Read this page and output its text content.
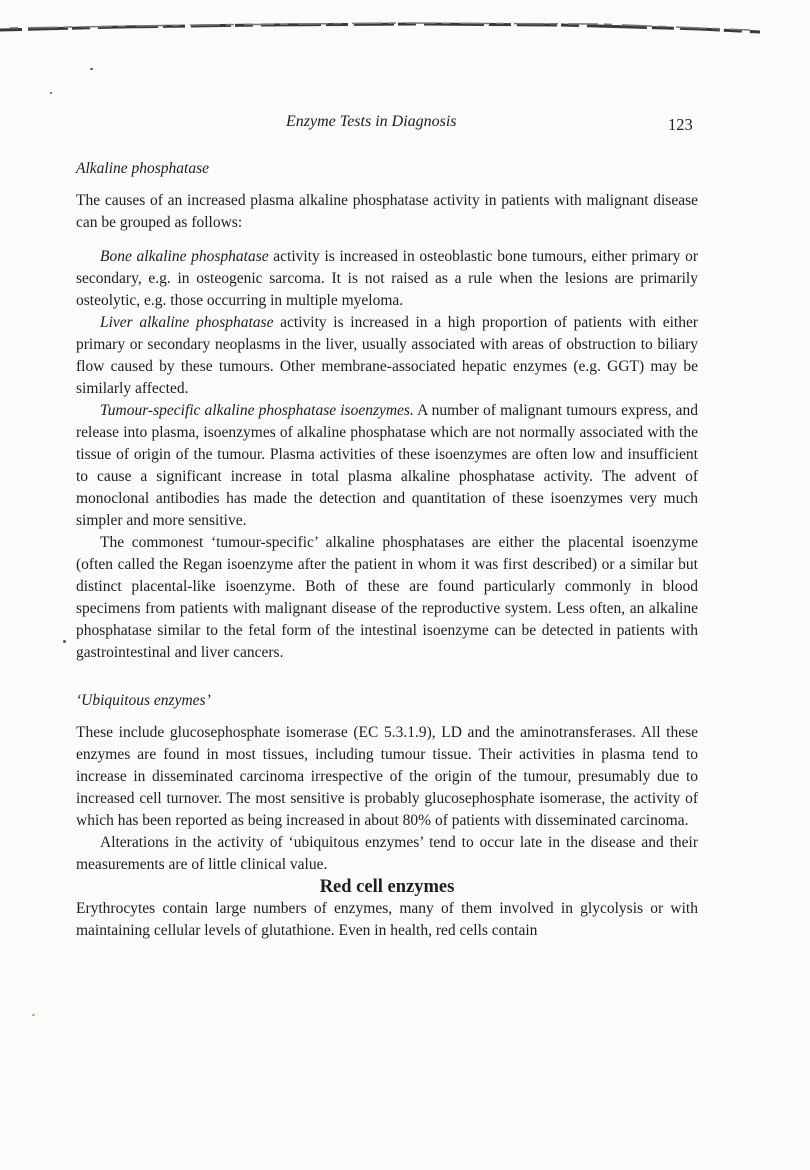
Enzyme Tests in Diagnosis	123

Alkaline phosphatase

The causes of an increased plasma alkaline phosphatase activity in patients with malignant disease can be grouped as follows:

Bone alkaline phosphatase activity is increased in osteoblastic bone tumours, either primary or secondary, e.g. in osteogenic sarcoma. It is not raised as a rule when the lesions are primarily osteolytic, e.g. those occurring in multiple myeloma.

Liver alkaline phosphatase activity is increased in a high proportion of patients with either primary or secondary neoplasms in the liver, usually associated with areas of obstruction to biliary flow caused by these tumours. Other membrane-associated hepatic enzymes (e.g. GGT) may be similarly affected.

Tumour-specific alkaline phosphatase isoenzymes. A number of malignant tumours express, and release into plasma, isoenzymes of alkaline phosphatase which are not normally associated with the tissue of origin of the tumour. Plasma activities of these isoenzymes are often low and insufficient to cause a significant increase in total plasma alkaline phosphatase activity. The advent of monoclonal antibodies has made the detection and quantitation of these isoenzymes very much simpler and more sensitive.

The commonest ‘tumour-specific’ alkaline phosphatases are either the placental isoenzyme (often called the Regan isoenzyme after the patient in whom it was first described) or a similar but distinct placental-like isoenzyme. Both of these are found particularly commonly in blood specimens from patients with malignant disease of the reproductive system. Less often, an alkaline phosphatase similar to the fetal form of the intestinal isoenzyme can be detected in patients with gastrointestinal and liver cancers.

‘Ubiquitous enzymes’

These include glucosephosphate isomerase (EC 5.3.1.9), LD and the aminotransferases. All these enzymes are found in most tissues, including tumour tissue. Their activities in plasma tend to increase in disseminated carcinoma irrespective of the origin of the tumour, presumably due to increased cell turnover. The most sensitive is probably glucosephosphate isomerase, the activity of which has been reported as being increased in about 80% of patients with disseminated carcinoma.

Alterations in the activity of ‘ubiquitous enzymes’ tend to occur late in the disease and their measurements are of little clinical value.

Red cell enzymes

Erythrocytes contain large numbers of enzymes, many of them involved in glycolysis or with maintaining cellular levels of glutathione. Even in health, red cells contain
